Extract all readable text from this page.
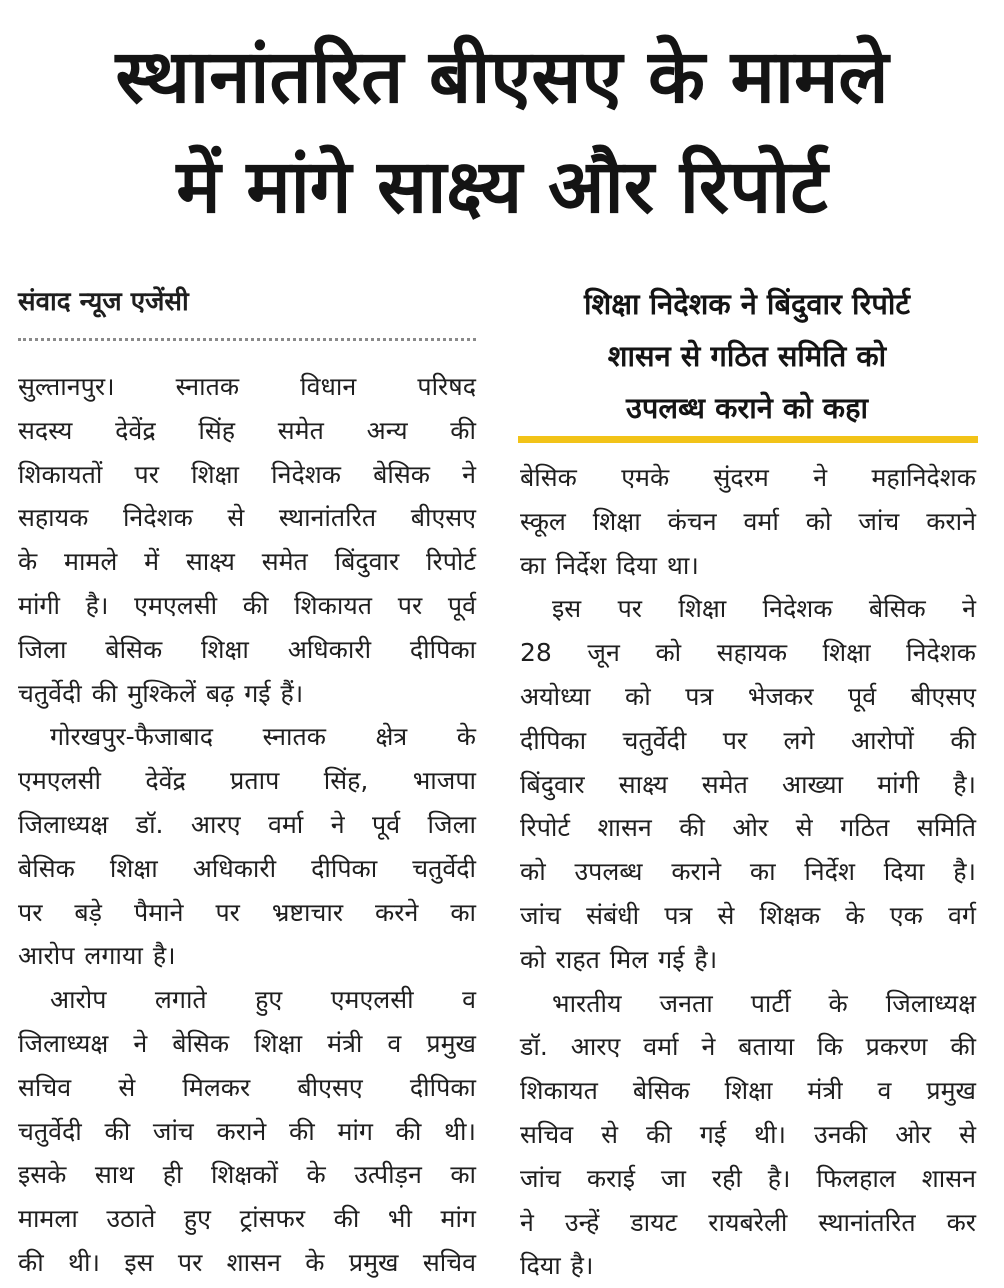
स्थानांतरित बीएसए के मामले
में मांगे साक्ष्य और रिपोर्ट
संवाद न्यूज एजेंसी	शिक्षा निदेशक ने बिंदुवार रिपोर्ट
शासन से गठित समिति को
उपलब्ध कराने को कहा
सुल्तानपुर। स्नातक विधान परिषद
सदस्य देवेंद्र सिंह समेत अन्य की
शिकायतों पर शिक्षा निदेशक बेसिक ने
सहायक निदेशक से स्थानांतरित बीएसए
के मामले में साक्ष्य समेत बिंदुवार रिपोर्ट
मांगी है। एमएलसी की शिकायत पर पूर्व
जिला बेसिक शिक्षा अधिकारी दीपिका
चतुर्वेदी की मुश्किलें बढ़ गई हैं।
गोरखपुर-फैजाबाद स्नातक क्षेत्र के
एमएलसी देवेंद्र प्रताप सिंह, भाजपा
जिलाध्यक्ष डॉ. आरए वर्मा ने पूर्व जिला
बेसिक शिक्षा अधिकारी दीपिका चतुर्वेदी
पर बड़े पैमाने पर भ्रष्टाचार करने का
आरोप लगाया है।
आरोप लगाते हुए एमएलसी व
जिलाध्यक्ष ने बेसिक शिक्षा मंत्री व प्रमुख
सचिव से मिलकर बीएसए दीपिका
चतुर्वेदी की जांच कराने की मांग की थी।
इसके साथ ही शिक्षकों के उत्पीड़न का
मामला उठाते हुए ट्रांसफर की भी मांग
की थी। इस पर शासन के प्रमुख सचिव
बेसिक एमके सुंदरम ने महानिदेशक
स्कूल शिक्षा कंचन वर्मा को जांच कराने
का निर्देश दिया था।
इस पर शिक्षा निदेशक बेसिक ने
28 जून को सहायक शिक्षा निदेशक
अयोध्या को पत्र भेजकर पूर्व बीएसए
दीपिका चतुर्वेदी पर लगे आरोपों की
बिंदुवार साक्ष्य समेत आख्या मांगी है।
रिपोर्ट शासन की ओर से गठित समिति
को उपलब्ध कराने का निर्देश दिया है।
जांच संबंधी पत्र से शिक्षक के एक वर्ग
को राहत मिल गई है।
भारतीय जनता पार्टी के जिलाध्यक्ष
डॉ. आरए वर्मा ने बताया कि प्रकरण की
शिकायत बेसिक शिक्षा मंत्री व प्रमुख
सचिव से की गई थी। उनकी ओर से
जांच कराई जा रही है। फिलहाल शासन
ने उन्हें डायट रायबरेली स्थानांतरित कर
दिया है।
